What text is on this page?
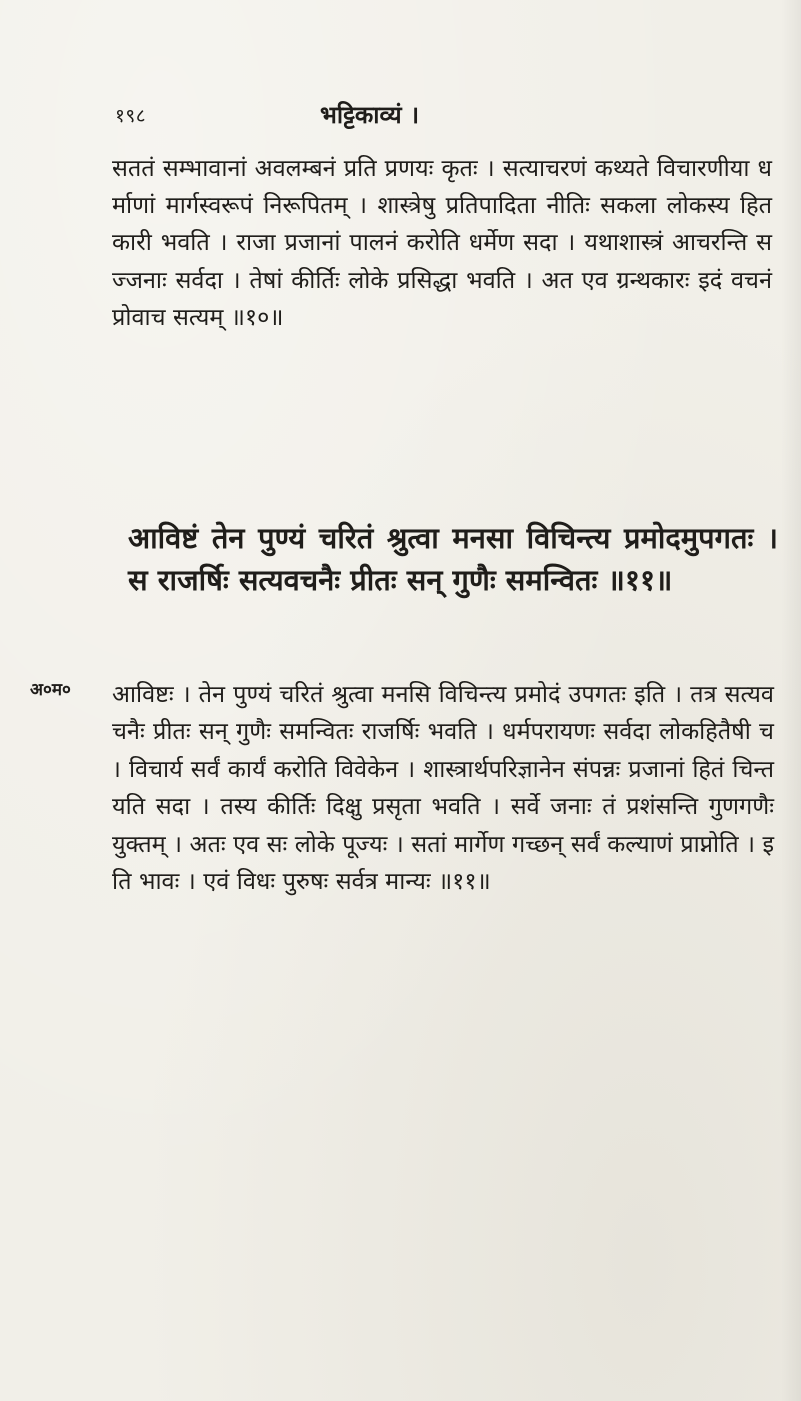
१९८	भट्टिकाव्यं ।

सततं सम्भावानां अवलम्बनं प्रति प्रणयः कृतः । सत्याचरणं कथ्यते विचारणीया धर्माणां मार्गस्वरूपं निरूपितम् । शास्त्रेषु प्रतिपादिता नीतिः सकला लोकस्य हितकारी भवति । राजा प्रजानां पालनं करोति धर्मेण सदा । यथाशास्त्रं आचरन्ति सज्जनाः सर्वदा । तेषां कीर्तिः लोके प्रसिद्धा भवति । अत एव ग्रन्थकारः इदं वचनं प्रोवाच सत्यम् ॥१०॥

आविष्टं तेन पुण्यं चरितं श्रुत्वा मनसा विचिन्त्य प्रमोदमुपगतः । स राजर्षिः सत्यवचनैः प्रीतः सन् गुणैः समन्वितः ॥११॥

अ०म० आविष्टः । तेन पुण्यं चरितं श्रुत्वा मनसि विचिन्त्य प्रमोदं उपगतः इति । तत्र सत्यवचनैः प्रीतः सन् गुणैः समन्वितः राजर्षिः भवति । धर्मपरायणः सर्वदा लोकहितैषी च । विचार्य सर्वं कार्यं करोति विवेकेन । शास्त्रार्थपरिज्ञानेन संपन्नः प्रजानां हितं चिन्तयति सदा । तस्य कीर्तिः दिक्षु प्रसृता भवति । सर्वे जनाः तं प्रशंसन्ति गुणगणैः युक्तम् । अतः एव सः लोके पूज्यः । सतां मार्गेण गच्छन् सर्वं कल्याणं प्राप्नोति । इति भावः । एवं विधः पुरुषः सर्वत्र मान्यः ॥११॥
